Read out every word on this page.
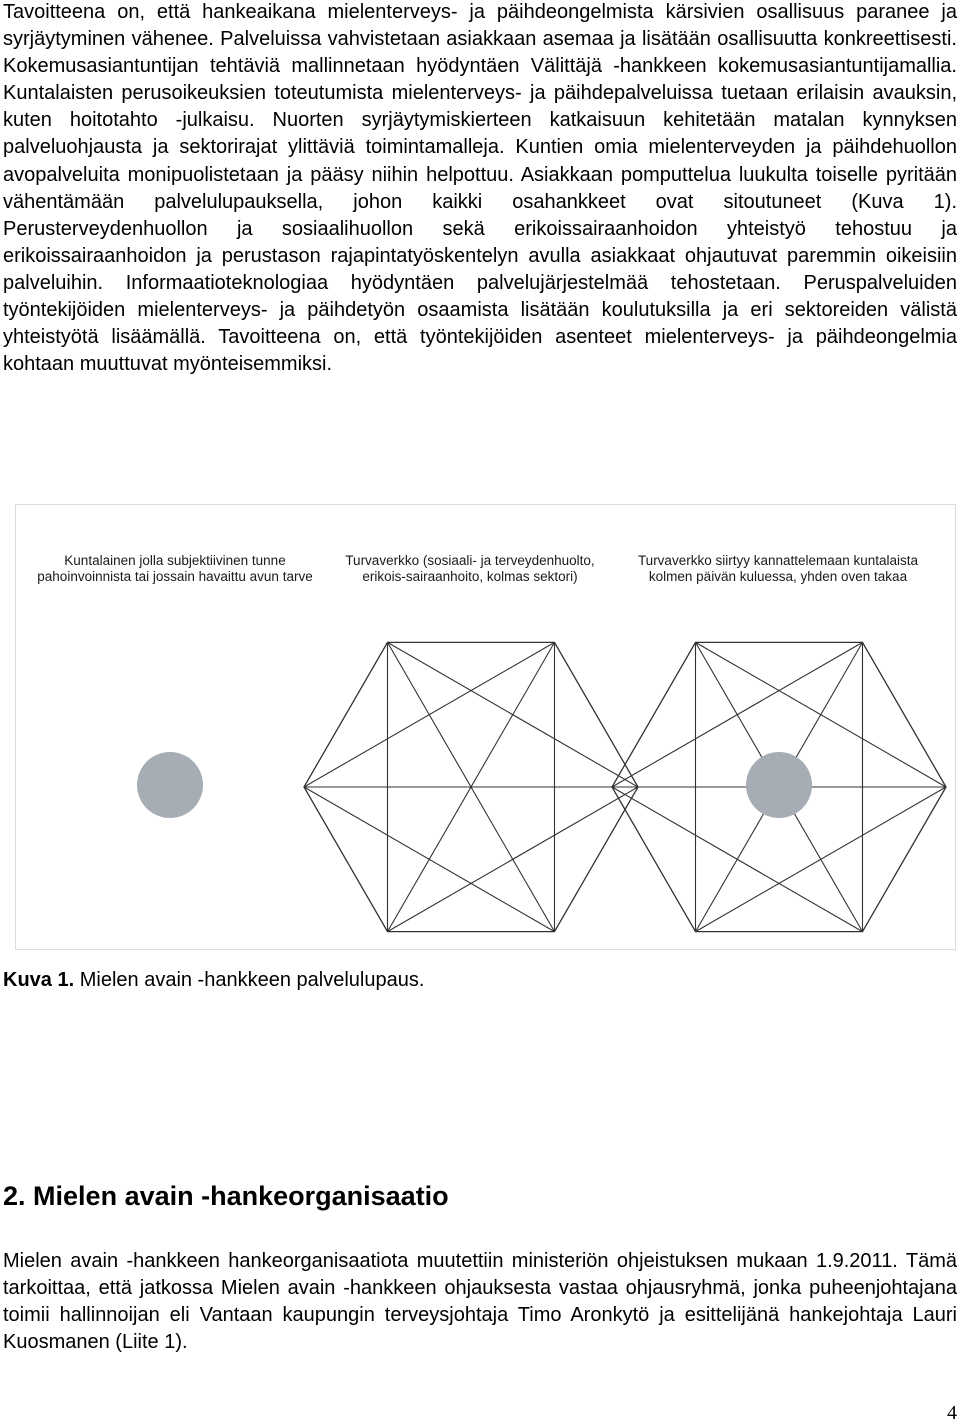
Tavoitteena on, että hankeaikana mielenterveys- ja päihdeongelmista kärsivien osallisuus paranee ja syrjäytyminen vähenee. Palveluissa vahvistetaan asiakkaan asemaa ja lisätään osallisuutta konkreettisesti. Kokemusasiantuntijan tehtäviä mallinnetaan hyödyntäen Välittäjä -hankkeen kokemusasiantuntijamallia. Kuntalaisten perusoikeuksien toteutumista mielenterveys- ja päihdepalveluissa tuetaan erilaisin avauksin, kuten hoitotahto -julkaisu. Nuorten syrjäytymiskierteen katkaisuun kehitetään matalan kynnyksen palveluohjausta ja sektorirajat ylittäviä toimintamalleja. Kuntien omia mielenterveyden ja päihdehuollon avopalveluita monipuolistetaan ja pääsy niihin helpottuu. Asiakkaan pomputtelua luukulta toiselle pyritään vähentämään palvelulupauksella, johon kaikki osahankkeet ovat sitoutuneet (Kuva 1). Perusterveydenhuollon ja sosiaalihuollon sekä erikoissairaanhoidon yhteistyö tehostuu ja erikoissairaanhoidon ja perustason rajapintatyöskentelyn avulla asiakkaat ohjautuvat paremmin oikeisiin palveluihin. Informaatioteknologiaa hyödyntäen palvelujärjestelmää tehostetaan. Peruspalveluiden työntekijöiden mielenterveys- ja päihdetyön osaamista lisätään koulutuksilla ja eri sektoreiden välistä yhteistyötä lisäämällä. Tavoitteena on, että työntekijöiden asenteet mielenterveys- ja päihdeongelmia kohtaan muuttuvat myönteisemmiksi.

Kuntalainen jolla subjektiivinen tunne pahoinvoinnista tai jossain havaittu avun tarve
Turvaverkko (sosiaali- ja terveydenhuolto, erikois-sairaanhoito, kolmas sektori)
Turvaverkko siirtyy kannattelemaan kuntalaista kolmen päivän kuluessa, yhden oven takaa
Kuva 1. Mielen avain -hankkeen palvelulupaus.
2. Mielen avain -hankeorganisaatio

Mielen avain -hankkeen hankeorganisaatiota muutettiin ministeriön ohjeistuksen mukaan 1.9.2011. Tämä tarkoittaa, että jatkossa Mielen avain -hankkeen ohjauksesta vastaa ohjausryhmä, jonka puheenjohtajana toimii hallinnoijan eli Vantaan kaupungin terveysjohtaja Timo Aronkytö ja esittelijänä hankejohtaja Lauri Kuosmanen (Liite 1).

4
